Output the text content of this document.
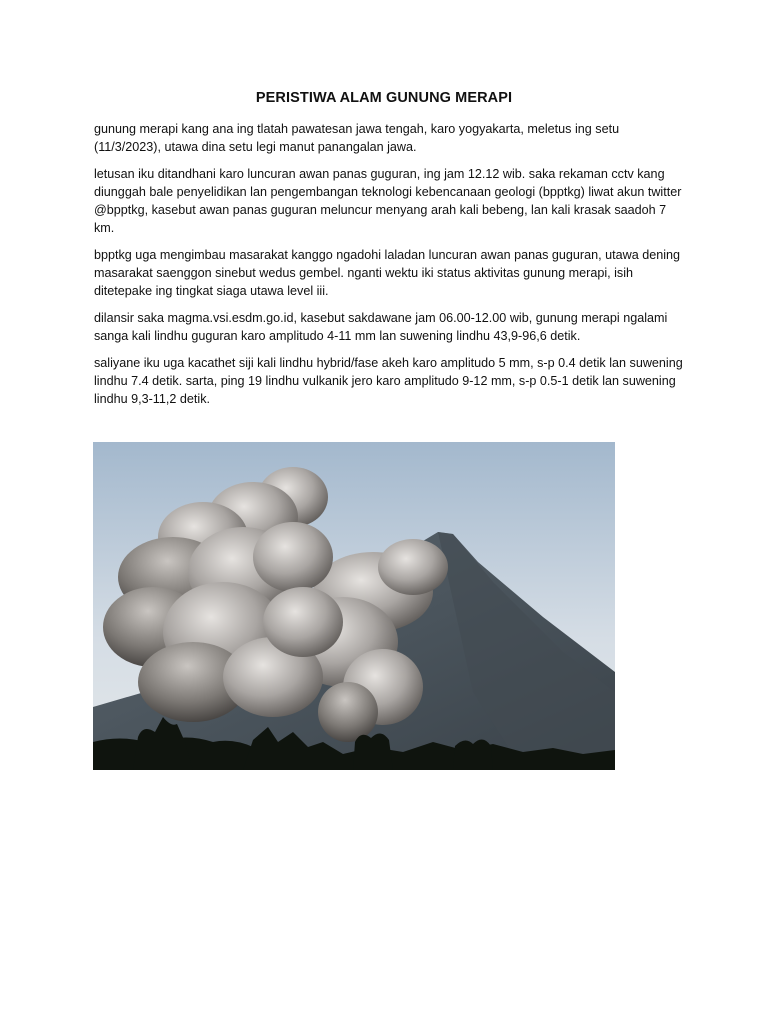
PERISTIWA ALAM GUNUNG MERAPI

gunung merapi kang ana ing tlatah pawatesan jawa tengah, karo yogyakarta, meletus ing setu (11/3/2023), utawa dina setu legi manut panangalan jawa.

letusan iku ditandhani karo luncuran awan panas guguran, ing jam 12.12 wib. saka rekaman cctv kang diunggah bale penyelidikan lan pengembangan teknologi kebencanaan geologi (bpptkg) liwat akun twitter @bpptkg, kasebut awan panas guguran meluncur menyang arah kali bebeng, lan kali krasak saadoh 7 km.

bpptkg uga mengimbau masarakat kanggo ngadohi laladan luncuran awan panas guguran, utawa dening masarakat saenggon sinebut wedus gembel. nganti wektu iki status aktivitas gunung merapi, isih ditetepake ing tingkat siaga utawa level iii.

dilansir saka magma.vsi.esdm.go.id, kasebut sakdawane jam 06.00-12.00 wib, gunung merapi ngalami sanga kali lindhu guguran karo amplitudo 4-11 mm lan suwening lindhu 43,9-96,6 detik.

saliyane iku uga kacathet siji kali lindhu hybrid/fase akeh karo amplitudo 5 mm, s-p 0.4 detik lan suwening lindhu 7.4 detik. sarta, ping 19 lindhu vulkanik jero karo amplitudo 9-12 mm, s-p 0.5-1 detik lan suwening lindhu 9,3-11,2 detik.
